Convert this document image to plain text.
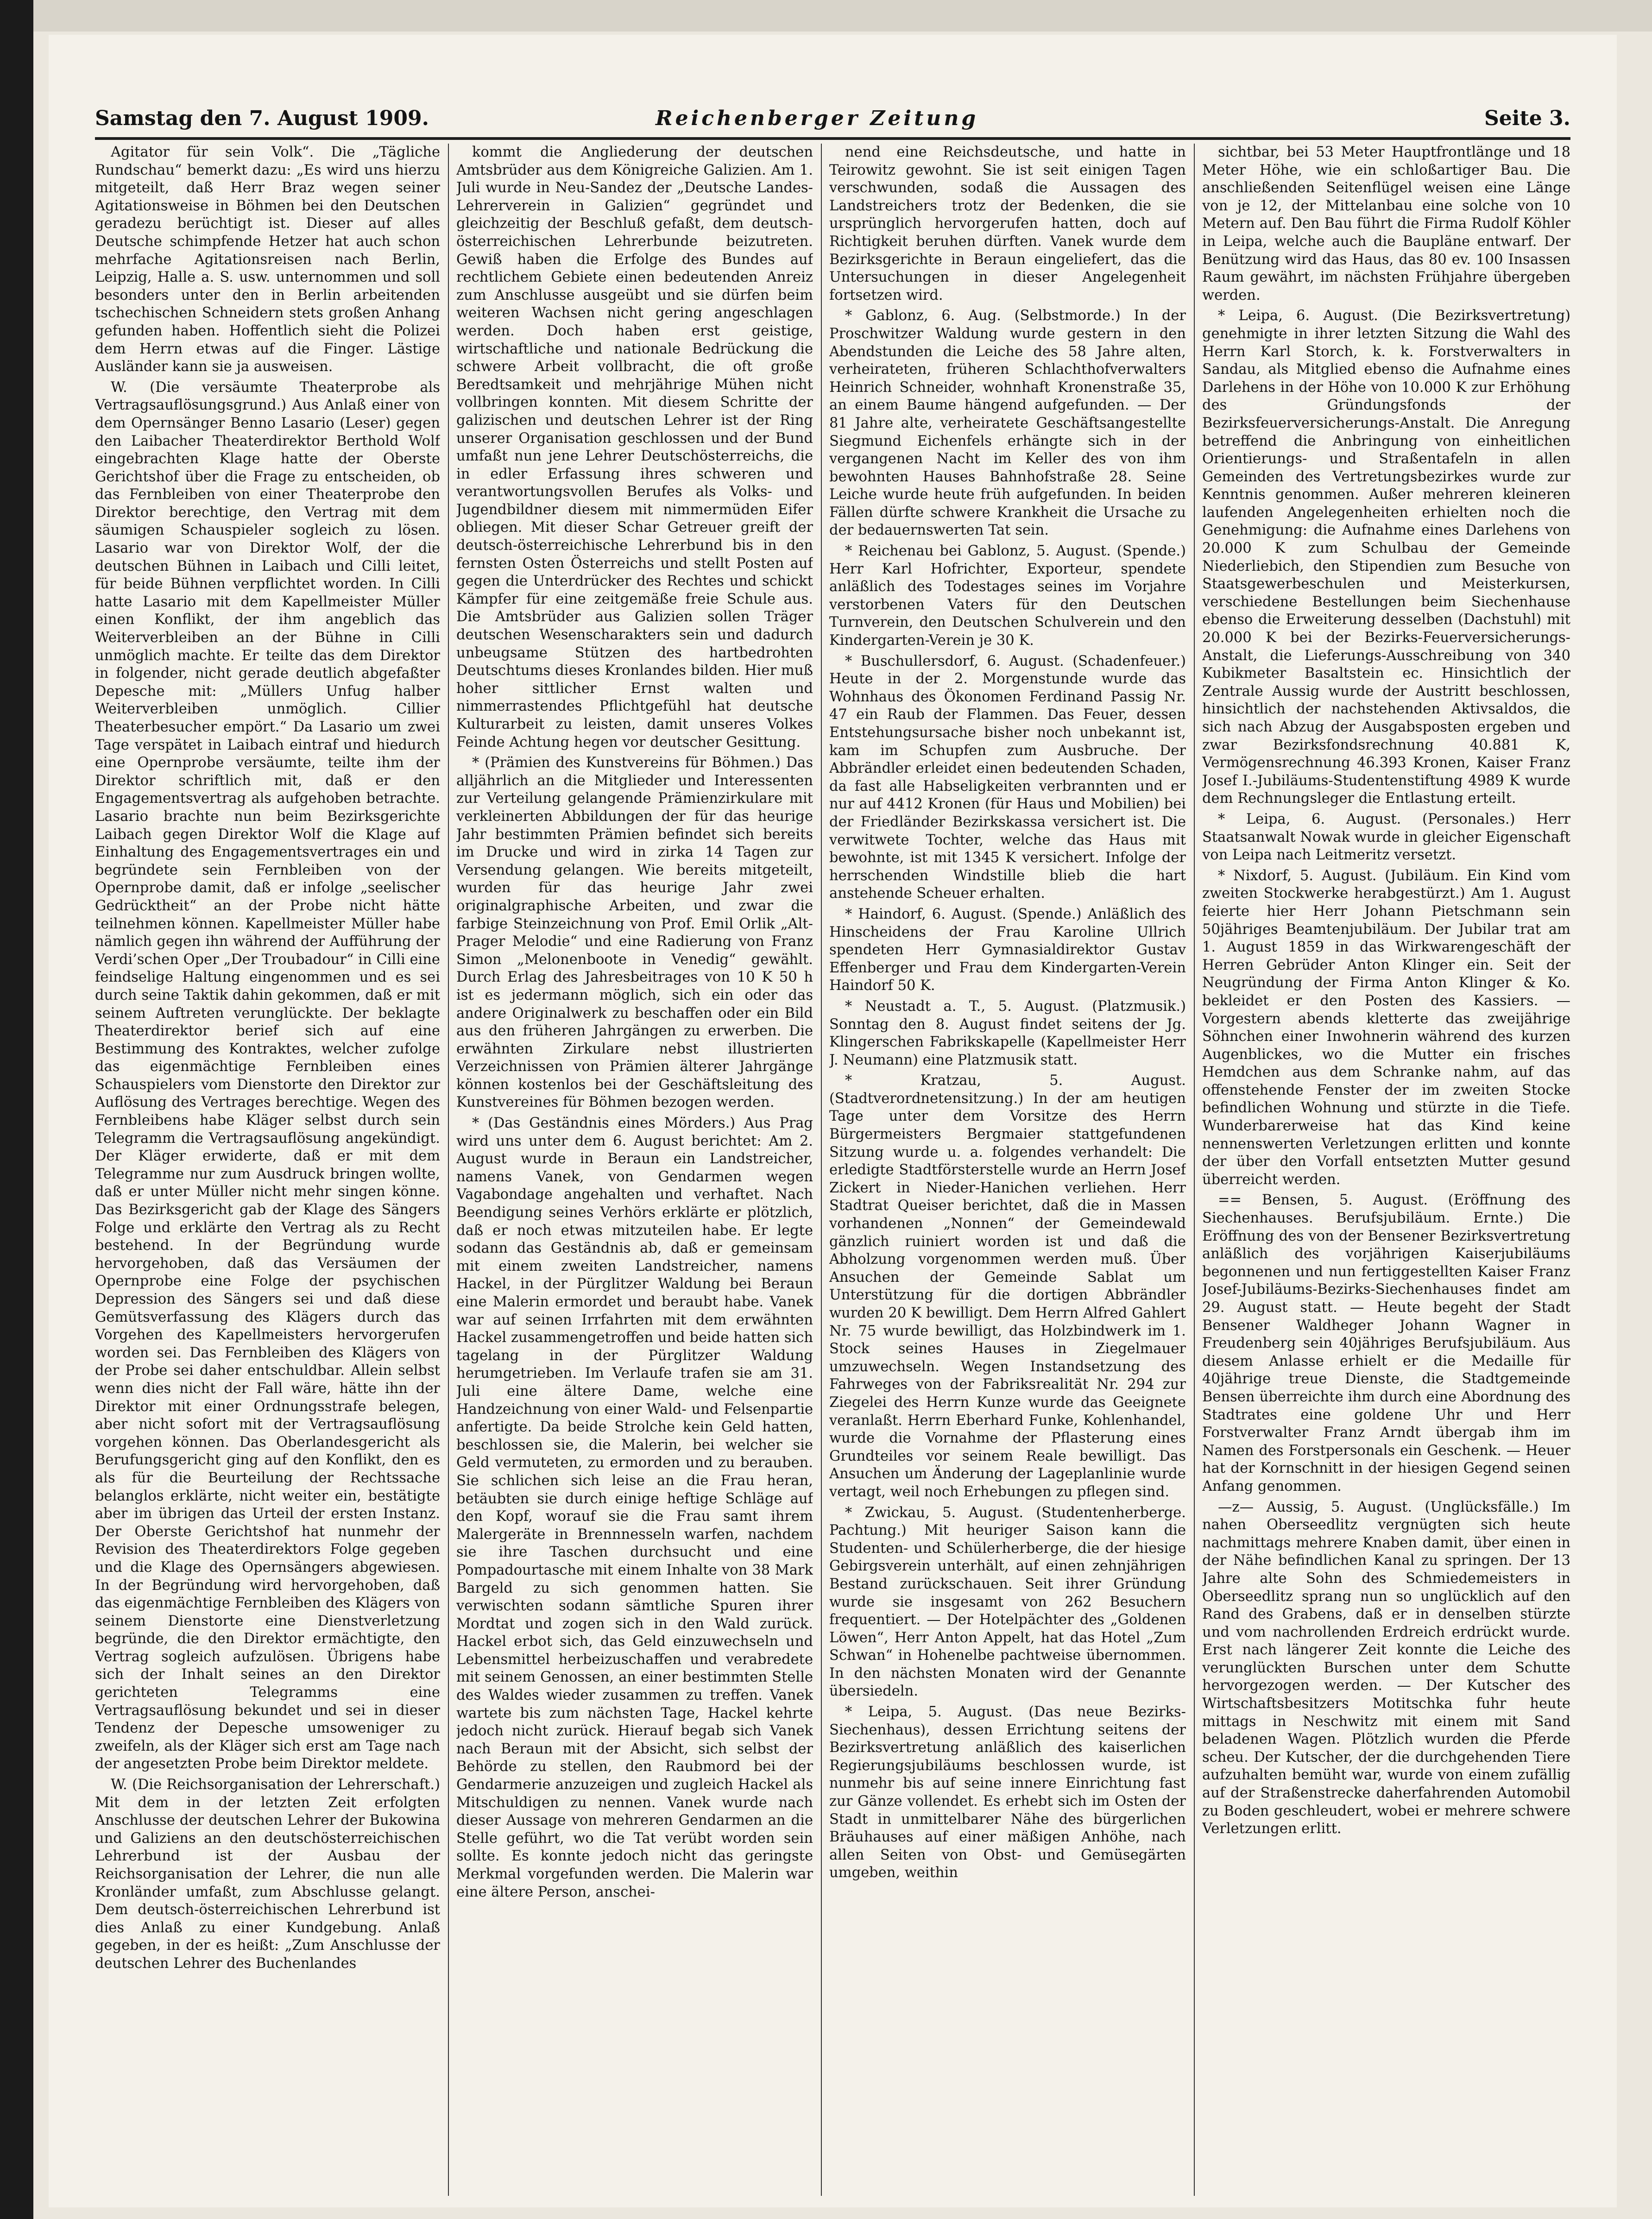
Samstag den 7. August 1909.	Reichenberger Zeitung	Seite 3.

Agitator für sein Volk“. Die „Tägliche Rundschau“ bemerkt dazu: „Es wird uns hierzu mitgeteilt, daß Herr Braz wegen seiner Agitationsweise in Böhmen bei den Deutschen geradezu berüchtigt ist. Dieser auf alles Deutsche schimpfende Hetzer hat auch schon mehrfache Agitationsreisen nach Berlin, Leipzig, Halle a. S. usw. unternommen und soll besonders unter den in Berlin arbeitenden tschechischen Schneidern stets großen Anhang gefunden haben. Hoffentlich sieht die Polizei dem Herrn etwas auf die Finger. Lästige Ausländer kann sie ja ausweisen.

W. (Die versäumte Theaterprobe als Vertragsauflösungsgrund.) Aus Anlaß einer von dem Opernsänger Benno Lasario (Leser) gegen den Laibacher Theaterdirektor Berthold Wolf eingebrachten Klage hatte der Oberste Gerichtshof über die Frage zu entscheiden, ob das Fernbleiben von einer Theaterprobe den Direktor berechtige, den Vertrag mit dem säumigen Schauspieler sogleich zu lösen. Lasario war von Direktor Wolf, der die deutschen Bühnen in Laibach und Cilli leitet, für beide Bühnen verpflichtet worden. In Cilli hatte Lasario mit dem Kapellmeister Müller einen Konflikt, der ihm angeblich das Weiterverbleiben an der Bühne in Cilli unmöglich machte. Er teilte das dem Direktor in folgender, nicht gerade deutlich abgefaßter Depesche mit: „Müllers Unfug halber Weiterverbleiben unmöglich. Cillier Theaterbesucher empört.“ Da Lasario um zwei Tage verspätet in Laibach eintraf und hiedurch eine Opernprobe versäumte, teilte ihm der Direktor schriftlich mit, daß er den Engagementsvertrag als aufgehoben betrachte. Lasario brachte nun beim Bezirksgerichte Laibach gegen Direktor Wolf die Klage auf Einhaltung des Engagementsvertrages ein und begründete sein Fernbleiben von der Opernprobe damit, daß er infolge „seelischer Gedrücktheit“ an der Probe nicht hätte teilnehmen können. Kapellmeister Müller habe nämlich gegen ihn während der Aufführung der Verdi’schen Oper „Der Troubadour“ in Cilli eine feindselige Haltung eingenommen und es sei durch seine Taktik dahin gekommen, daß er mit seinem Auftreten verunglückte. Der beklagte Theaterdirektor berief sich auf eine Bestimmung des Kontraktes, welcher zufolge das eigenmächtige Fernbleiben eines Schauspielers vom Dienstorte den Direktor zur Auflösung des Vertrages berechtige. Wegen des Fernbleibens habe Kläger selbst durch sein Telegramm die Vertragsauflösung angekündigt. Der Kläger erwiderte, daß er mit dem Telegramme nur zum Ausdruck bringen wollte, daß er unter Müller nicht mehr singen könne. Das Bezirksgericht gab der Klage des Sängers Folge und erklärte den Vertrag als zu Recht bestehend. In der Begründung wurde hervorgehoben, daß das Versäumen der Opernprobe eine Folge der psychischen Depression des Sängers sei und daß diese Gemütsverfassung des Klägers durch das Vorgehen des Kapellmeisters hervorgerufen worden sei. Das Fernbleiben des Klägers von der Probe sei daher entschuldbar. Allein selbst wenn dies nicht der Fall wäre, hätte ihn der Direktor mit einer Ordnungsstrafe belegen, aber nicht sofort mit der Vertragsauflösung vorgehen können. Das Oberlandesgericht als Berufungsgericht ging auf den Konflikt, den es als für die Beurteilung der Rechtssache belanglos erklärte, nicht weiter ein, bestätigte aber im übrigen das Urteil der ersten Instanz. Der Oberste Gerichtshof hat nunmehr der Revision des Theaterdirektors Folge gegeben und die Klage des Opernsängers abgewiesen. In der Begründung wird hervorgehoben, daß das eigenmächtige Fernbleiben des Klägers von seinem Dienstorte eine Dienstverletzung begründe, die den Direktor ermächtigte, den Vertrag sogleich aufzulösen. Übrigens habe sich der Inhalt seines an den Direktor gerichteten Telegramms eine Vertragsauflösung bekundet und sei in dieser Tendenz der Depesche umsoweniger zu zweifeln, als der Kläger sich erst am Tage nach der angesetzten Probe beim Direktor meldete.

W. (Die Reichsorganisation der Lehrerschaft.) Mit dem in der letzten Zeit erfolgten Anschlusse der deutschen Lehrer der Bukowina und Galiziens an den deutschösterreichischen Lehrerbund ist der Ausbau der Reichsorganisation der Lehrer, die nun alle Kronländer umfaßt, zum Abschlusse gelangt. Dem deutsch-österreichischen Lehrerbund ist dies Anlaß zu einer Kundgebung. Anlaß gegeben, in der es heißt: „Zum Anschlusse der deutschen Lehrer des Buchenlandes

kommt die Angliederung der deutschen Amtsbrüder aus dem Königreiche Galizien. Am 1. Juli wurde in Neu-Sandez der „Deutsche Landes-Lehrerverein in Galizien“ gegründet und gleichzeitig der Beschluß gefaßt, dem deutsch-österreichischen Lehrerbunde beizutreten. Gewiß haben die Erfolge des Bundes auf rechtlichem Gebiete einen bedeutenden Anreiz zum Anschlusse ausgeübt und sie dürfen beim weiteren Wachsen nicht gering angeschlagen werden. Doch haben erst geistige, wirtschaftliche und nationale Bedrückung die schwere Arbeit vollbracht, die oft große Beredtsamkeit und mehrjährige Mühen nicht vollbringen konnten. Mit diesem Schritte der galizischen und deutschen Lehrer ist der Ring unserer Organisation geschlossen und der Bund umfaßt nun jene Lehrer Deutschösterreichs, die in edler Erfassung ihres schweren und verantwortungsvollen Berufes als Volks- und Jugendbildner diesem mit nimmermüden Eifer obliegen. Mit dieser Schar Getreuer greift der deutsch-österreichische Lehrerbund bis in den fernsten Osten Österreichs und stellt Posten auf gegen die Unterdrücker des Rechtes und schickt Kämpfer für eine zeitgemäße freie Schule aus. Die Amtsbrüder aus Galizien sollen Träger deutschen Wesenscharakters sein und dadurch unbeugsame Stützen des hartbedrohten Deutschtums dieses Kronlandes bilden. Hier muß hoher sittlicher Ernst walten und nimmerrastendes Pflichtgefühl hat deutsche Kulturarbeit zu leisten, damit unseres Volkes Feinde Achtung hegen vor deutscher Gesittung.

* (Prämien des Kunstvereins für Böhmen.) Das alljährlich an die Mitglieder und Interessenten zur Verteilung gelangende Prämienzirkulare mit verkleinerten Abbildungen der für das heurige Jahr bestimmten Prämien befindet sich bereits im Drucke und wird in zirka 14 Tagen zur Versendung gelangen. Wie bereits mitgeteilt, wurden für das heurige Jahr zwei originalgraphische Arbeiten, und zwar die farbige Steinzeichnung von Prof. Emil Orlik „Alt-Prager Melodie“ und eine Radierung von Franz Simon „Melonenboote in Venedig“ gewählt. Durch Erlag des Jahresbeitrages von 10 K 50 h ist es jedermann möglich, sich ein oder das andere Originalwerk zu beschaffen oder ein Bild aus den früheren Jahrgängen zu erwerben. Die erwähnten Zirkulare nebst illustrierten Verzeichnissen von Prämien älterer Jahrgänge können kostenlos bei der Geschäftsleitung des Kunstvereines für Böhmen bezogen werden.

* (Das Geständnis eines Mörders.) Aus Prag wird uns unter dem 6. August berichtet: Am 2. August wurde in Beraun ein Landstreicher, namens Vanek, von Gendarmen wegen Vagabondage angehalten und verhaftet. Nach Beendigung seines Verhörs erklärte er plötzlich, daß er noch etwas mitzuteilen habe. Er legte sodann das Geständnis ab, daß er gemeinsam mit einem zweiten Landstreicher, namens Hackel, in der Pürglitzer Waldung bei Beraun eine Malerin ermordet und beraubt habe. Vanek war auf seinen Irrfahrten mit dem erwähnten Hackel zusammengetroffen und beide hatten sich tagelang in der Pürglitzer Waldung herumgetrieben. Im Verlaufe trafen sie am 31. Juli eine ältere Dame, welche eine Handzeichnung von einer Wald- und Felsenpartie anfertigte. Da beide Strolche kein Geld hatten, beschlossen sie, die Malerin, bei welcher sie Geld vermuteten, zu ermorden und zu berauben. Sie schlichen sich leise an die Frau heran, betäubten sie durch einige heftige Schläge auf den Kopf, worauf sie die Frau samt ihrem Malergeräte in Brennnesseln warfen, nachdem sie ihre Taschen durchsucht und eine Pompadourtasche mit einem Inhalte von 38 Mark Bargeld zu sich genommen hatten. Sie verwischten sodann sämtliche Spuren ihrer Mordtat und zogen sich in den Wald zurück. Hackel erbot sich, das Geld einzuwechseln und Lebensmittel herbeizuschaffen und verabredete mit seinem Genossen, an einer bestimmten Stelle des Waldes wieder zusammen zu treffen. Vanek wartete bis zum nächsten Tage, Hackel kehrte jedoch nicht zurück. Hierauf begab sich Vanek nach Beraun mit der Absicht, sich selbst der Behörde zu stellen, den Raubmord bei der Gendarmerie anzuzeigen und zugleich Hackel als Mitschuldigen zu nennen. Vanek wurde nach dieser Aussage von mehreren Gendarmen an die Stelle geführt, wo die Tat verübt worden sein sollte. Es konnte jedoch nicht das geringste Merkmal vorgefunden werden. Die Malerin war eine ältere Person, anschei-

nend eine Reichsdeutsche, und hatte in Teirowitz gewohnt. Sie ist seit einigen Tagen verschwunden, sodaß die Aussagen des Landstreichers trotz der Bedenken, die sie ursprünglich hervorgerufen hatten, doch auf Richtigkeit beruhen dürften. Vanek wurde dem Bezirksgerichte in Beraun eingeliefert, das die Untersuchungen in dieser Angelegenheit fortsetzen wird.

* Gablonz, 6. Aug. (Selbstmorde.) In der Proschwitzer Waldung wurde gestern in den Abendstunden die Leiche des 58 Jahre alten, verheirateten, früheren Schlachthofverwalters Heinrich Schneider, wohnhaft Kronenstraße 35, an einem Baume hängend aufgefunden. — Der 81 Jahre alte, verheiratete Geschäftsangestellte Siegmund Eichenfels erhängte sich in der vergangenen Nacht im Keller des von ihm bewohnten Hauses Bahnhofstraße 28. Seine Leiche wurde heute früh aufgefunden. In beiden Fällen dürfte schwere Krankheit die Ursache zu der bedauernswerten Tat sein.

* Reichenau bei Gablonz, 5. August. (Spende.) Herr Karl Hofrichter, Exporteur, spendete anläßlich des Todestages seines im Vorjahre verstorbenen Vaters für den Deutschen Turnverein, den Deutschen Schulverein und den Kindergarten-Verein je 30 K.

* Buschullersdorf, 6. August. (Schadenfeuer.) Heute in der 2. Morgenstunde wurde das Wohnhaus des Ökonomen Ferdinand Passig Nr. 47 ein Raub der Flammen. Das Feuer, dessen Entstehungsursache bisher noch unbekannt ist, kam im Schupfen zum Ausbruche. Der Abbrändler erleidet einen bedeutenden Schaden, da fast alle Habseligkeiten verbrannten und er nur auf 4412 Kronen (für Haus und Mobilien) bei der Friedländer Bezirkskassa versichert ist. Die verwitwete Tochter, welche das Haus mit bewohnte, ist mit 1345 K versichert. Infolge der herrschenden Windstille blieb die hart anstehende Scheuer erhalten.

* Haindorf, 6. August. (Spende.) Anläßlich des Hinscheidens der Frau Karoline Ullrich spendeten Herr Gymnasialdirektor Gustav Effenberger und Frau dem Kindergarten-Verein Haindorf 50 K.

* Neustadt a. T., 5. August. (Platzmusik.) Sonntag den 8. August findet seitens der Jg. Klingerschen Fabrikskapelle (Kapellmeister Herr J. Neumann) eine Platzmusik statt.

* Kratzau, 5. August. (Stadtverordnetensitzung.) In der am heutigen Tage unter dem Vorsitze des Herrn Bürgermeisters Bergmaier stattgefundenen Sitzung wurde u. a. folgendes verhandelt: Die erledigte Stadtförsterstelle wurde an Herrn Josef Zickert in Nieder-Hanichen verliehen. Herr Stadtrat Queiser berichtet, daß die in Massen vorhandenen „Nonnen“ der Gemeindewald gänzlich ruiniert worden ist und daß die Abholzung vorgenommen werden muß. Über Ansuchen der Gemeinde Sablat um Unterstützung für die dortigen Abbrändler wurden 20 K bewilligt. Dem Herrn Alfred Gahlert Nr. 75 wurde bewilligt, das Holzbindwerk im 1. Stock seines Hauses in Ziegelmauer umzuwechseln. Wegen Instandsetzung des Fahrweges von der Fabriksrealität Nr. 294 zur Ziegelei des Herrn Kunze wurde das Geeignete veranlaßt. Herrn Eberhard Funke, Kohlenhandel, wurde die Vornahme der Pflasterung eines Grundteiles vor seinem Reale bewilligt. Das Ansuchen um Änderung der Lageplanlinie wurde vertagt, weil noch Erhebungen zu pflegen sind.

* Zwickau, 5. August. (Studentenherberge. Pachtung.) Mit heuriger Saison kann die Studenten- und Schülerherberge, die der hiesige Gebirgsverein unterhält, auf einen zehnjährigen Bestand zurückschauen. Seit ihrer Gründung wurde sie insgesamt von 262 Besuchern frequentiert. — Der Hotelpächter des „Goldenen Löwen“, Herr Anton Appelt, hat das Hotel „Zum Schwan“ in Hohenelbe pachtweise übernommen. In den nächsten Monaten wird der Genannte übersiedeln.

* Leipa, 5. August. (Das neue Bezirks-Siechenhaus), dessen Errichtung seitens der Bezirksvertretung anläßlich des kaiserlichen Regierungsjubiläums beschlossen wurde, ist nunmehr bis auf seine innere Einrichtung fast zur Gänze vollendet. Es erhebt sich im Osten der Stadt in unmittelbarer Nähe des bürgerlichen Bräuhauses auf einer mäßigen Anhöhe, nach allen Seiten von Obst- und Gemüsegärten umgeben, weithin

sichtbar, bei 53 Meter Hauptfrontlänge und 18 Meter Höhe, wie ein schloßartiger Bau. Die anschließenden Seitenflügel weisen eine Länge von je 12, der Mittelanbau eine solche von 10 Metern auf. Den Bau führt die Firma Rudolf Köhler in Leipa, welche auch die Baupläne entwarf. Der Benützung wird das Haus, das 80 ev. 100 Insassen Raum gewährt, im nächsten Frühjahre übergeben werden.

* Leipa, 6. August. (Die Bezirksvertretung) genehmigte in ihrer letzten Sitzung die Wahl des Herrn Karl Storch, k. k. Forstverwalters in Sandau, als Mitglied ebenso die Aufnahme eines Darlehens in der Höhe von 10.000 K zur Erhöhung des Gründungsfonds der Bezirksfeuerversicherungs-Anstalt. Die Anregung betreffend die Anbringung von einheitlichen Orientierungs- und Straßentafeln in allen Gemeinden des Vertretungsbezirkes wurde zur Kenntnis genommen. Außer mehreren kleineren laufenden Angelegenheiten erhielten noch die Genehmigung: die Aufnahme eines Darlehens von 20.000 K zum Schulbau der Gemeinde Niederliebich, den Stipendien zum Besuche von Staatsgewerbeschulen und Meisterkursen, verschiedene Bestellungen beim Siechenhause ebenso die Erweiterung desselben (Dachstuhl) mit 20.000 K bei der Bezirks-Feuerversicherungs-Anstalt, die Lieferungs-Ausschreibung von 340 Kubikmeter Basaltstein ec. Hinsichtlich der Zentrale Aussig wurde der Austritt beschlossen, hinsichtlich der nachstehenden Aktivsaldos, die sich nach Abzug der Ausgabsposten ergeben und zwar Bezirksfondsrechnung 40.881 K, Vermögensrechnung 46.393 Kronen, Kaiser Franz Josef I.-Jubiläums-Studentenstiftung 4989 K wurde dem Rechnungsleger die Entlastung erteilt.

* Leipa, 6. August. (Personales.) Herr Staatsanwalt Nowak wurde in gleicher Eigenschaft von Leipa nach Leitmeritz versetzt.

* Nixdorf, 5. August. (Jubiläum. Ein Kind vom zweiten Stockwerke herabgestürzt.) Am 1. August feierte hier Herr Johann Pietschmann sein 50jähriges Beamtenjubiläum. Der Jubilar trat am 1. August 1859 in das Wirkwarengeschäft der Herren Gebrüder Anton Klinger ein. Seit der Neugründung der Firma Anton Klinger & Ko. bekleidet er den Posten des Kassiers. — Vorgestern abends kletterte das zweijährige Söhnchen einer Inwohnerin während des kurzen Augenblickes, wo die Mutter ein frisches Hemdchen aus dem Schranke nahm, auf das offenstehende Fenster der im zweiten Stocke befindlichen Wohnung und stürzte in die Tiefe. Wunderbarerweise hat das Kind keine nennenswerten Verletzungen erlitten und konnte der über den Vorfall entsetzten Mutter gesund überreicht werden.

== Bensen, 5. August. (Eröffnung des Siechenhauses. Berufsjubiläum. Ernte.) Die Eröffnung des von der Bensener Bezirksvertretung anläßlich des vorjährigen Kaiserjubiläums begonnenen und nun fertiggestellten Kaiser Franz Josef-Jubiläums-Bezirks-Siechenhauses findet am 29. August statt. — Heute begeht der Stadt Bensener Waldheger Johann Wagner in Freudenberg sein 40jähriges Berufsjubiläum. Aus diesem Anlasse erhielt er die Medaille für 40jährige treue Dienste, die Stadtgemeinde Bensen überreichte ihm durch eine Abordnung des Stadtrates eine goldene Uhr und Herr Forstverwalter Franz Arndt übergab ihm im Namen des Forstpersonals ein Geschenk. — Heuer hat der Kornschnitt in der hiesigen Gegend seinen Anfang genommen.

—z— Aussig, 5. August. (Unglücksfälle.) Im nahen Oberseedlitz vergnügten sich heute nachmittags mehrere Knaben damit, über einen in der Nähe befindlichen Kanal zu springen. Der 13 Jahre alte Sohn des Schmiedemeisters in Oberseedlitz sprang nun so unglücklich auf den Rand des Grabens, daß er in denselben stürzte und vom nachrollenden Erdreich erdrückt wurde. Erst nach längerer Zeit konnte die Leiche des verunglückten Burschen unter dem Schutte hervorgezogen werden. — Der Kutscher des Wirtschaftsbesitzers Motitschka fuhr heute mittags in Neschwitz mit einem mit Sand beladenen Wagen. Plötzlich wurden die Pferde scheu. Der Kutscher, der die durchgehenden Tiere aufzuhalten bemüht war, wurde von einem zufällig auf der Straßenstrecke daherfahrenden Automobil zu Boden geschleudert, wobei er mehrere schwere Verletzungen erlitt.
